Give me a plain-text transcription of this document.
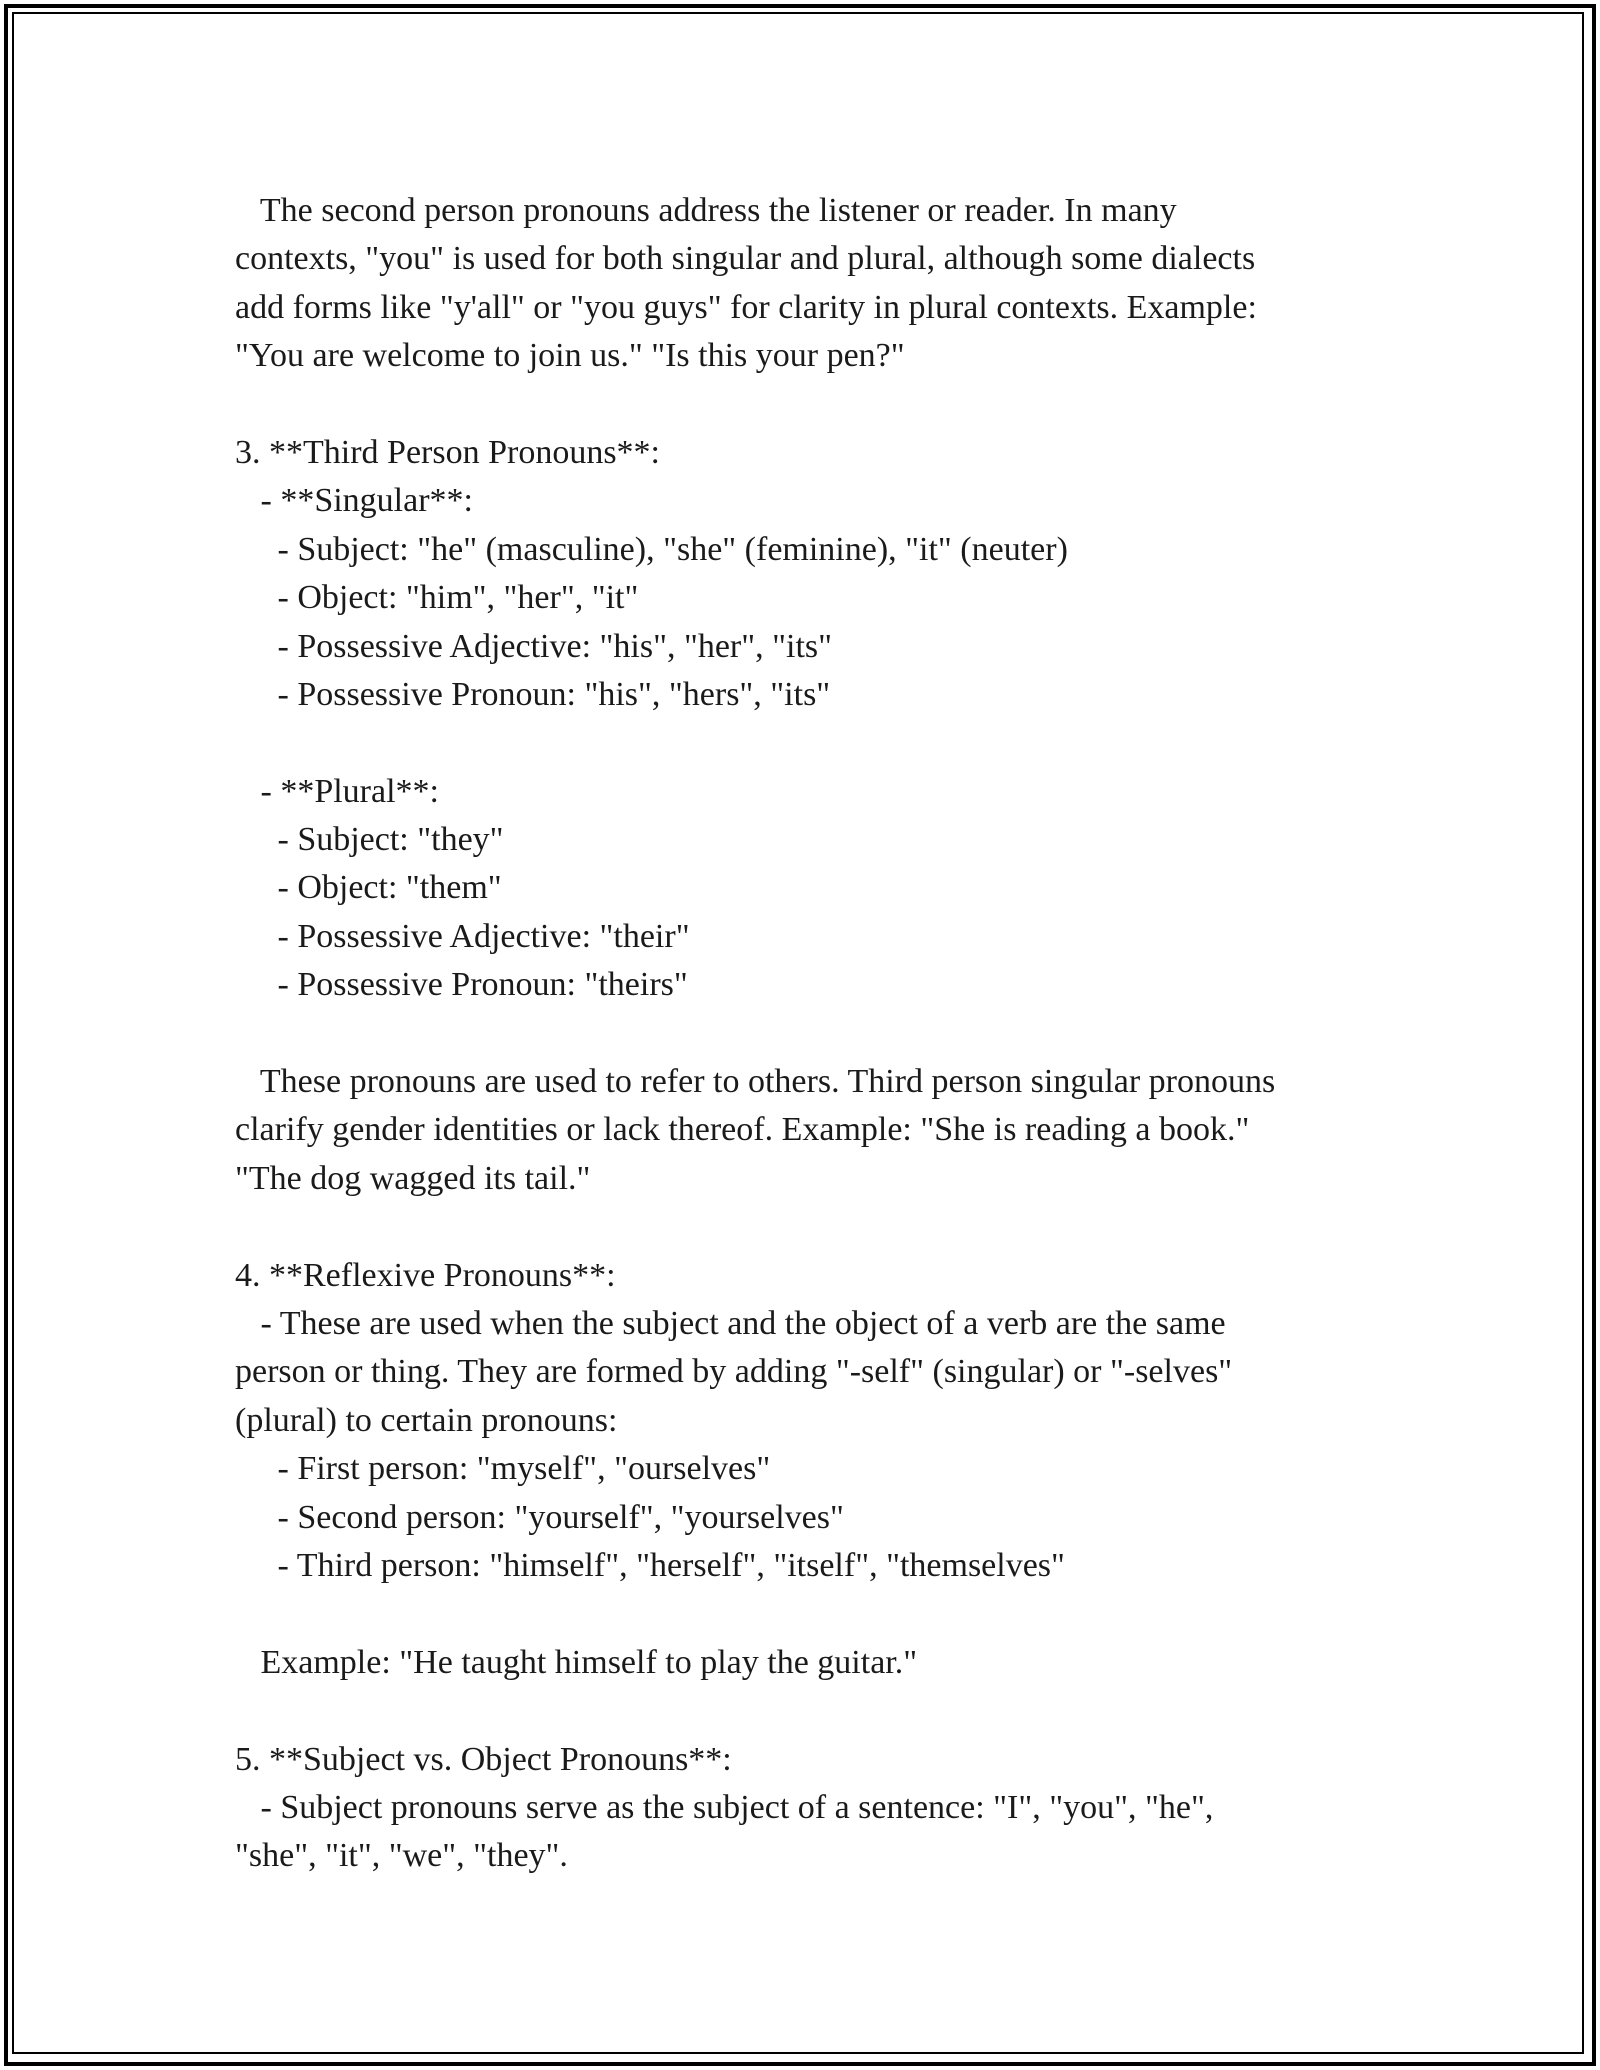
The second person pronouns address the listener or reader. In many
contexts, "you" is used for both singular and plural, although some dialects
add forms like "y'all" or "you guys" for clarity in plural contexts. Example:
"You are welcome to join us." "Is this your pen?"
3. **Third Person Pronouns**:
- **Singular**:
- Subject: "he" (masculine), "she" (feminine), "it" (neuter)
- Object: "him", "her", "it"
- Possessive Adjective: "his", "her", "its"
- Possessive Pronoun: "his", "hers", "its"
- **Plural**:
- Subject: "they"
- Object: "them"
- Possessive Adjective: "their"
- Possessive Pronoun: "theirs"
These pronouns are used to refer to others. Third person singular pronouns
clarify gender identities or lack thereof. Example: "She is reading a book."
"The dog wagged its tail."
4. **Reflexive Pronouns**:
- These are used when the subject and the object of a verb are the same
person or thing. They are formed by adding "-self" (singular) or "-selves"
(plural) to certain pronouns:
- First person: "myself", "ourselves"
- Second person: "yourself", "yourselves"
- Third person: "himself", "herself", "itself", "themselves"
Example: "He taught himself to play the guitar."
5. **Subject vs. Object Pronouns**:
- Subject pronouns serve as the subject of a sentence: "I", "you", "he",
"she", "it", "we", "they".
